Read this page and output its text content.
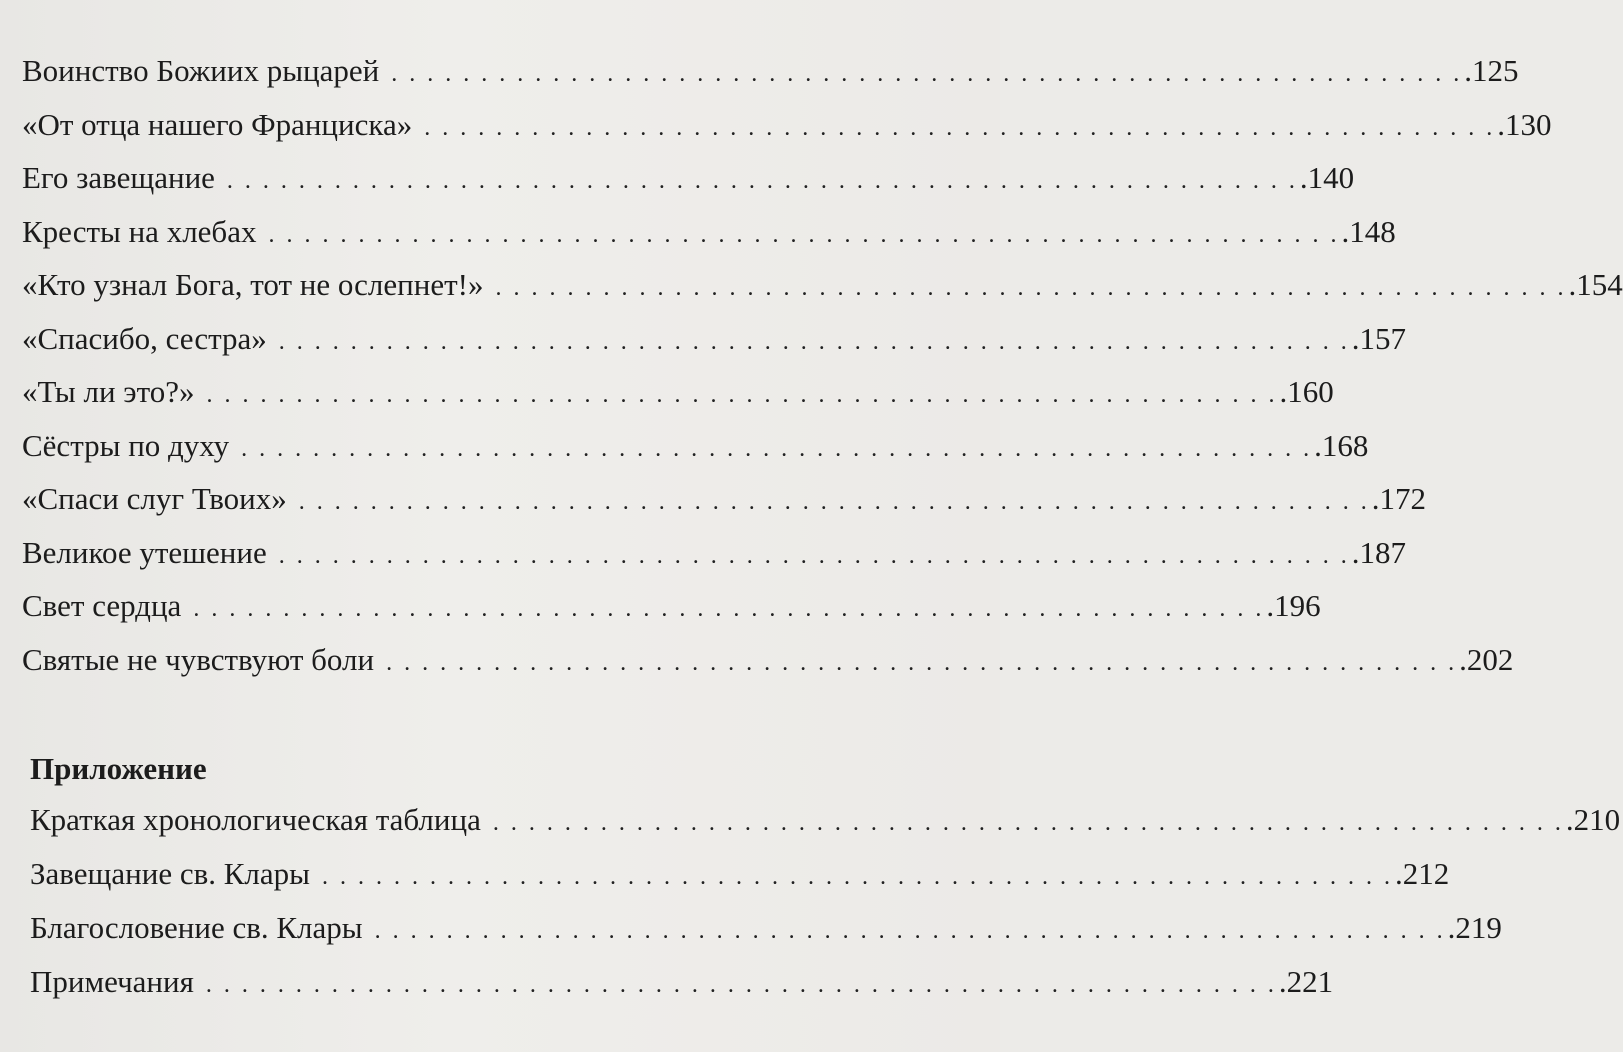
Воинство Божиих рыцарей . . . . . . . . . . . . . . . . . . . . . . . . . . . . . . . . . . . . . . . . . . . . . . . . . . . . . . . . . . . . .125
«От отца нашего Франциска» . . . . . . . . . . . . . . . . . . . . . . . . . . . . . . . . . . . . . . . . . . . . . . . . . . . . . . . . . . . . .130
Его завещание . . . . . . . . . . . . . . . . . . . . . . . . . . . . . . . . . . . . . . . . . . . . . . . . . . . . . . . . . . . . .140
Кресты на хлебах . . . . . . . . . . . . . . . . . . . . . . . . . . . . . . . . . . . . . . . . . . . . . . . . . . . . . . . . . . . . .148
«Кто узнал Бога, тот не ослепнет!» . . . . . . . . . . . . . . . . . . . . . . . . . . . . . . . . . . . . . . . . . . . . . . . . . . . . . . . . . . . . .154
«Спасибо, сестра» . . . . . . . . . . . . . . . . . . . . . . . . . . . . . . . . . . . . . . . . . . . . . . . . . . . . . . . . . . . . .157
«Ты ли это?» . . . . . . . . . . . . . . . . . . . . . . . . . . . . . . . . . . . . . . . . . . . . . . . . . . . . . . . . . . . . .160
Сёстры по духу . . . . . . . . . . . . . . . . . . . . . . . . . . . . . . . . . . . . . . . . . . . . . . . . . . . . . . . . . . . . .168
«Спаси слуг Твоих» . . . . . . . . . . . . . . . . . . . . . . . . . . . . . . . . . . . . . . . . . . . . . . . . . . . . . . . . . . . . .172
Великое утешение . . . . . . . . . . . . . . . . . . . . . . . . . . . . . . . . . . . . . . . . . . . . . . . . . . . . . . . . . . . . .187
Свет сердца . . . . . . . . . . . . . . . . . . . . . . . . . . . . . . . . . . . . . . . . . . . . . . . . . . . . . . . . . . . . .196
Святые не чувствуют боли . . . . . . . . . . . . . . . . . . . . . . . . . . . . . . . . . . . . . . . . . . . . . . . . . . . . . . . . . . . . .202
Приложение
Краткая хронологическая таблица . . . . . . . . . . . . . . . . . . . . . . . . . . . . . . . . . . . . . . . . . . . . . . . . . . . . . . . . . . . . .210
Завещание св. Клары . . . . . . . . . . . . . . . . . . . . . . . . . . . . . . . . . . . . . . . . . . . . . . . . . . . . . . . . . . . . .212
Благословение св. Клары . . . . . . . . . . . . . . . . . . . . . . . . . . . . . . . . . . . . . . . . . . . . . . . . . . . . . . . . . . . . .219
Примечания . . . . . . . . . . . . . . . . . . . . . . . . . . . . . . . . . . . . . . . . . . . . . . . . . . . . . . . . . . . . .221
